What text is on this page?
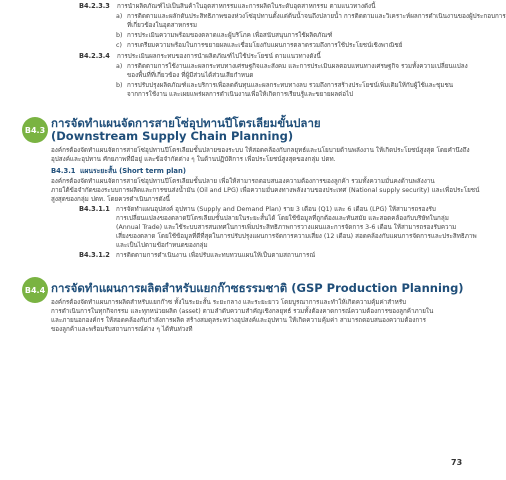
B4.2.3.3 การนำผลิตภัณฑ์ไปเป็นสินค้าในอุตสาหกรรมและการผลิตในระดับอุตสาหกรรม ตามแนวทางดังนี้
a) การติดตามและผลักดันประสิทธิภาพของห่วงโซ่อุปทานตั้งแต่ต้นน้ำจนถึงปลายน้ำ การติดตามและวิเคราะห์ผลการดำเนินงานของผู้ประกอบการ
ที่เกี่ยวข้องในอุตสาหกรรม
b) การประเมินความพร้อมของตลาดและผู้บริโภค เพื่อสนับสนุนการใช้ผลิตภัณฑ์
c) การเตรียมความพร้อมในการขยายผลและเชื่อมโยงกับแผนการตลาดรวมถึงการใช้ประโยชน์เชิงพาณิชย์
B4.2.3.4 การประเมินผลกระทบของการนำผลิตภัณฑ์ไปใช้ประโยชน์ ตามแนวทางดังนี้
a) การติดตามการใช้งานและผลกระทบทางเศรษฐกิจและสังคม และการประเมินผลตอบแทนทางเศรษฐกิจ รวมทั้งความเปลี่ยนแปลง
ของพื้นที่ที่เกี่ยวข้อง ที่ผู้มีส่วนได้ส่วนเสียกำหนด
b) การปรับปรุงผลิตภัณฑ์และบริการเพื่อลดต้นทุนและผลกระทบทางลบ รวมถึงการสร้างประโยชน์เพิ่มเติมให้กับผู้ใช้และชุมชน
จากการใช้งาน และเผยแพร่ผลการดำเนินงานเพื่อให้เกิดการเรียนรู้และขยายผลต่อไป
B4.3 การจัดทำแผนจัดการสายโซ่อุปทานปีโตรเลียมขั้นปลาย
(Downstream Supply Chain Planning)
องค์กรต้องจัดทำแผนจัดการสายโซ่อุปทานปีโตรเลียมขั้นปลายของระบบ ให้สอดคล้องกับกลยุทธ์และนโยบายด้านพลังงาน ให้เกิดประโยชน์สูงสุด โดยคำนึงถึง
อุปสงค์และอุปทาน ศักยภาพที่มีอยู่ และข้อจำกัดต่าง ๆ ในด้านปฏิบัติการ เพื่อประโยชน์สูงสุดของกลุ่ม ปตท.
B4.3.1 แผนระยะสั้น (Short term plan)
องค์กรต้องจัดทำแผนจัดการสายโซ่อุปทานปีโตรเลียมขั้นปลาย เพื่อให้สามารถตอบสนองความต้องการของลูกค้า รวมทั้งความมั่นคงด้านพลังงาน
ภายใต้ข้อจำกัดของระบบการผลิตและการขนส่งน้ำมัน (Oil and LPG) เพื่อความมั่นคงทางพลังงานของประเทศ (National supply security) และเพื่อประโยชน์
สูงสุดของกลุ่ม ปตท. โดยควรดำเนินการดังนี้
B4.3.1.1 การจัดทำแผนอุปสงค์ อุปทาน (Supply and Demand Plan) ราย 3 เดือน (Q1) และ 6 เดือน (LPG) ให้สามารถรองรับ
การเปลี่ยนแปลงของตลาดปิโตรเลียมขั้นปลายในระยะสั้นได้ โดยใช้ข้อมูลที่ถูกต้องและทันสมัย และสอดคล้องกับบริษัทในกลุ่ม
(Annual Trade) และใช้ระบบสารสนเทศในการเพิ่มประสิทธิภาพการวางแผนและการจัดการ 3-6 เดือน ให้สามารถรองรับความ
เสี่ยงของตลาด โดยใช้ข้อมูลที่ดีที่สุดในการปรับปรุงแผนการจัดการความเสี่ยง (12 เดือน) สอดคล้องกับแผนการจัดการและประสิทธิภาพ
และเป็นไปตามข้อกำหนดของกลุ่ม
B4.3.1.2 การติดตามการดำเนินงาน เพื่อปรับและทบทวนแผนให้เป็นตามสถานการณ์
B4.4 การจัดทำแผนการผลิตสำหรับแยกก๊าซธรรมชาติ (GSP Production Planning)
องค์กรต้องจัดทำแผนการผลิตสำหรับแยกก๊าซ ทั้งในระยะสั้น ระยะกลาง และระยะยาว โดยบูรณาการและทำให้เกิดความคุ้มค่าสำหรับ
การดำเนินการในทุกกิจกรรม และทุกหน่วยผลิต (asset) ตามลำดับความสำคัญเชิงกลยุทธ์ รวมทั้งต้องคาดการณ์ความต้องการของลูกค้าภายใน
และภายนอกองค์กร ให้สอดคล้องกับกำลังการผลิต สร้างสมดุลระหว่างอุปสงค์และอุปทาน ให้เกิดความคุ้มค่า สามารถตอบสนองความต้องการ
ของลูกค้าและพร้อมรับสถานการณ์ต่าง ๆ ได้ทันท่วงที
73
